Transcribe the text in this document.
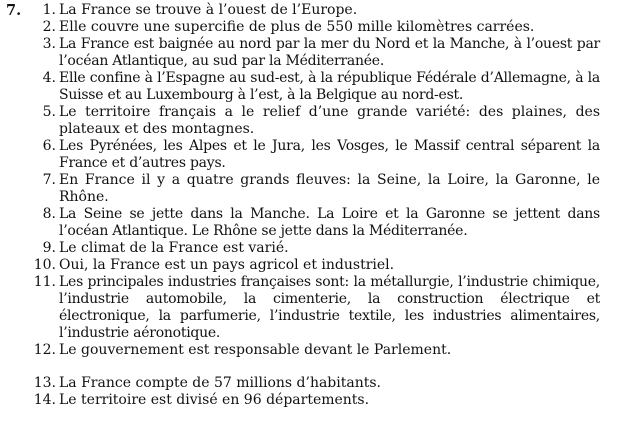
7.	1. La France se trouve à l’ouest de l’Europe.
2. Elle couvre une supercifie de plus de 550 mille kilomètres carrées.
3. La France est baignée au nord par la mer du Nord et la Manche, à l’ouest par l’océan Atlantique, au sud par la Méditerranée.
4. Elle confine à l’Espagne au sud-est, à la république Fédérale d’Allemagne, à la Suisse et au Luxembourg à l’est, à la Belgique au nord-est.
5. Le territoire français a le relief d’une grande variété: des plaines, des plateaux et des montagnes.
6. Les Pyrénées, les Alpes et le Jura, les Vosges, le Massif central séparent la France et d’autres pays.
7. En France il y a quatre grands fleuves: la Seine, la Loire, la Garonne, le Rhône.
8. La Seine se jette dans la Manche. La Loire et la Garonne se jettent dans l’océan Atlantique. Le Rhône se jette dans la Méditerranée.
9. Le climat de la France est varié.
10. Oui, la France est un pays agricol et industriel.
11. Les principales industries françaises sont: la métallurgie, l’industrie chimique, l’industrie automobile, la cimenterie, la construction électrique et électronique, la parfumerie, l’industrie textile, les industries alimentaires, l’industrie aéronotique.
12. Le gouvernement est responsable devant le Parlement.
13. La France compte de 57 millions d’habitants.
14. Le territoire est divisé en 96 départements.
